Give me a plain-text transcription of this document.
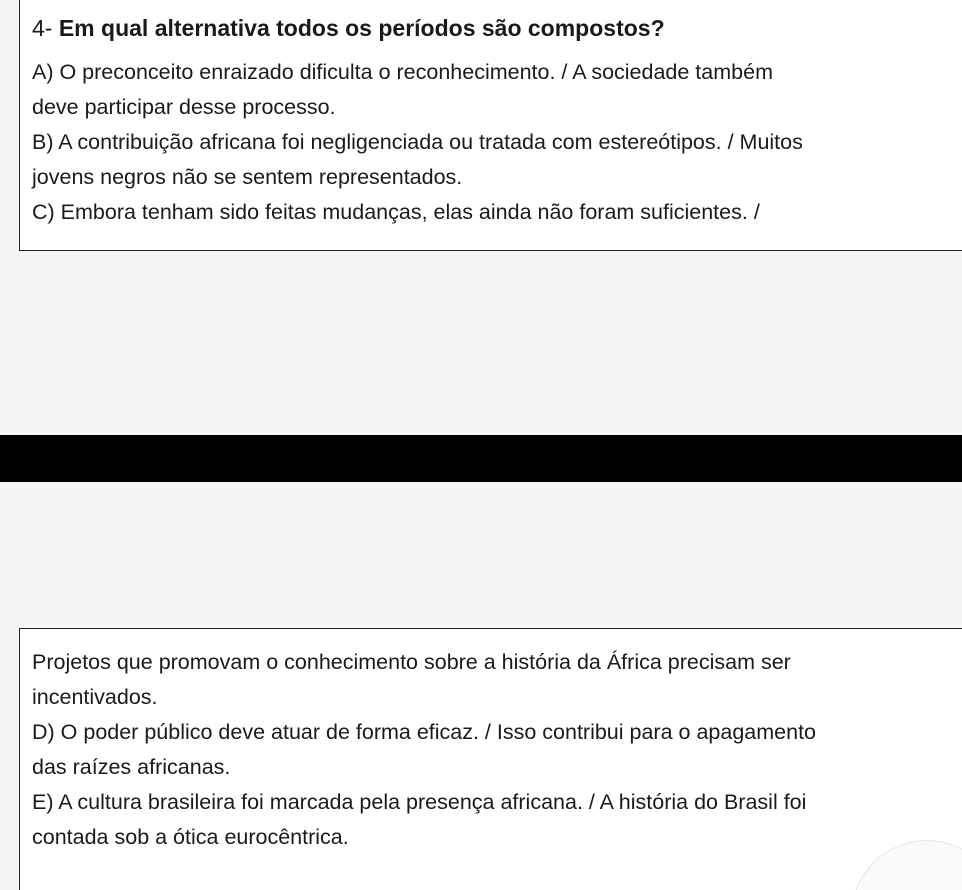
4- Em qual alternativa todos os períodos são compostos?

A) O preconceito enraizado dificulta o reconhecimento. / A sociedade também

deve participar desse processo.

B) A contribuição africana foi negligenciada ou tratada com estereótipos. / Muitos

jovens negros não se sentem representados.

C) Embora tenham sido feitas mudanças, elas ainda não foram suficientes. /

Projetos que promovam o conhecimento sobre a história da África precisam ser

incentivados.

D) O poder público deve atuar de forma eficaz. / Isso contribui para o apagamento

das raízes africanas.

E) A cultura brasileira foi marcada pela presença africana. / A história do Brasil foi

contada sob a ótica eurocêntrica.
